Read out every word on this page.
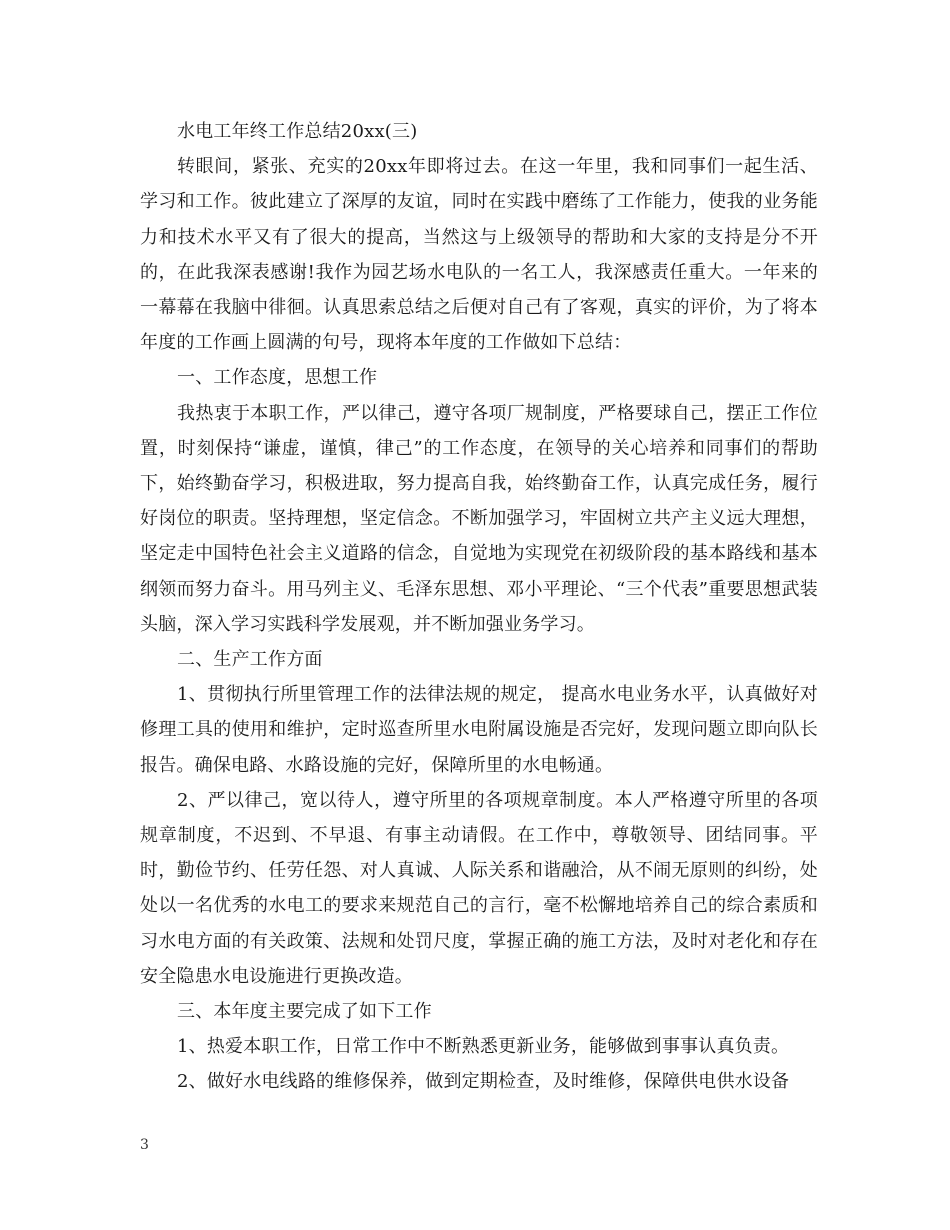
水电工年终工作总结20xx(三)

转眼间，紧张、充实的20xx年即将过去。在这一年里，我和同事们一起生活、学习和工作。彼此建立了深厚的友谊，同时在实践中磨练了工作能力，使我的业务能力和技术水平又有了很大的提高，当然这与上级领导的帮助和大家的支持是分不开的，在此我深表感谢!我作为园艺场水电队的一名工人，我深感责任重大。一年来的一幕幕在我脑中徘徊。认真思索总结之后便对自己有了客观，真实的评价，为了将本年度的工作画上圆满的句号，现将本年度的工作做如下总结：

一、工作态度，思想工作

我热衷于本职工作，严以律己，遵守各项厂规制度，严格要球自己，摆正工作位置，时刻保持“谦虚，谨慎，律己”的工作态度，在领导的关心培养和同事们的帮助下，始终勤奋学习，积极进取，努力提高自我，始终勤奋工作，认真完成任务，履行好岗位的职责。坚持理想，坚定信念。不断加强学习，牢固树立共产主义远大理想，坚定走中国特色社会主义道路的信念，自觉地为实现党在初级阶段的基本路线和基本纲领而努力奋斗。用马列主义、毛泽东思想、邓小平理论、“三个代表”重要思想武装头脑，深入学习实践科学发展观，并不断加强业务学习。

二、生产工作方面

1、贯彻执行所里管理工作的法律法规的规定， 提高水电业务水平，认真做好对修理工具的使用和维护，定时巡查所里水电附属设施是否完好，发现问题立即向队长报告。确保电路、水路设施的完好，保障所里的水电畅通。

2、严以律己，宽以待人，遵守所里的各项规章制度。本人严格遵守所里的各项规章制度，不迟到、不早退、有事主动请假。在工作中，尊敬领导、团结同事。平时，勤俭节约、任劳任怨、对人真诚、人际关系和谐融洽，从不闹无原则的纠纷，处处以一名优秀的水电工的要求来规范自己的言行，毫不松懈地培养自己的综合素质和习水电方面的有关政策、法规和处罚尺度，掌握正确的施工方法，及时对老化和存在安全隐患水电设施进行更换改造。

三、本年度主要完成了如下工作

1、热爱本职工作，日常工作中不断熟悉更新业务，能够做到事事认真负责。

2、做好水电线路的维修保养，做到定期检查，及时维修，保障供电供水设备

3
